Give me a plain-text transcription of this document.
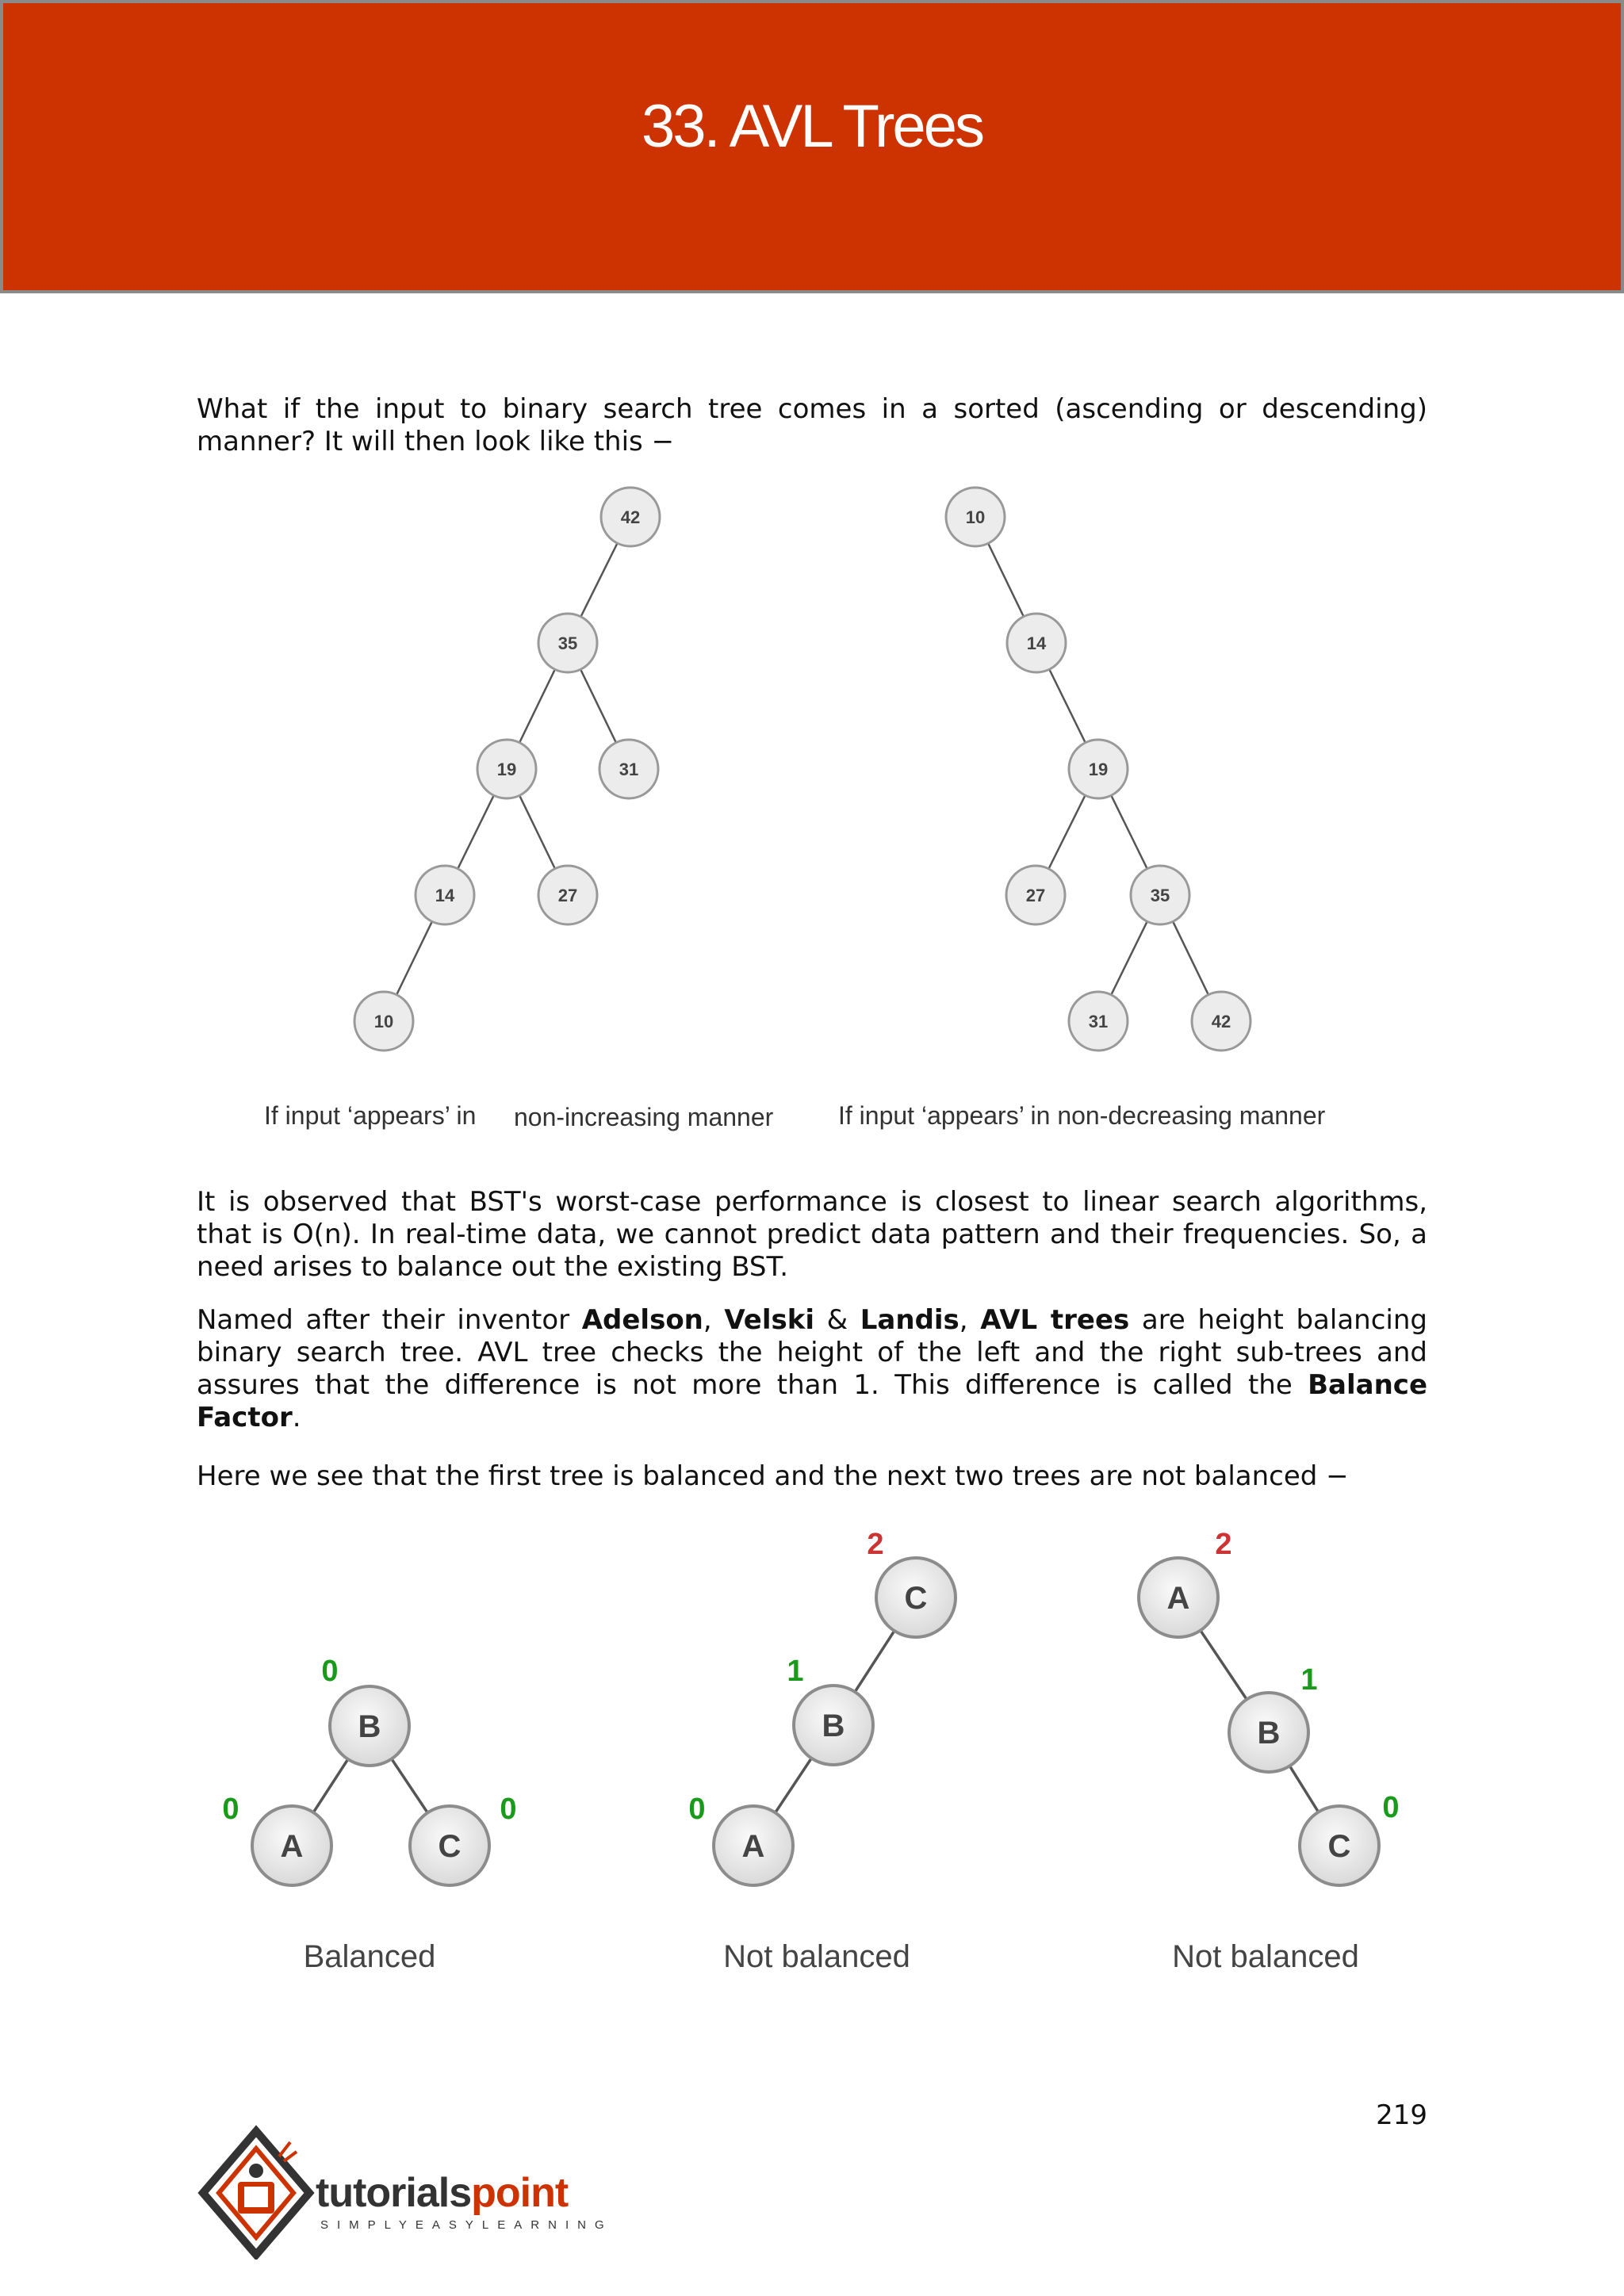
33. AVL Trees

What if the input to binary search tree comes in a sorted (ascending or descending) manner? It will then look like this −

42
35
19	31
14	27
10
10
14
19
27	35
31	42
If input ‘appears’ in non-increasing manner	If input ‘appears’ in non-decreasing manner

It is observed that BST's worst-case performance is closest to linear search algorithms, that is O(n). In real-time data, we cannot predict data pattern and their frequencies. So, a need arises to balance out the existing BST.

Named after their inventor Adelson, Velski & Landis, AVL trees are height balancing binary search tree. AVL tree checks the height of the left and the right sub-trees and assures that the difference is not more than 1. This difference is called the Balance Factor.

Here we see that the first tree is balanced and the next two trees are not balanced −

B
A	C
C
B
A
A
B
C
0
0	0
2
1
0
2
1
0
Balanced	Not balanced	Not balanced

219

tutorialspoint
SIMPLYEASYLEARNING
